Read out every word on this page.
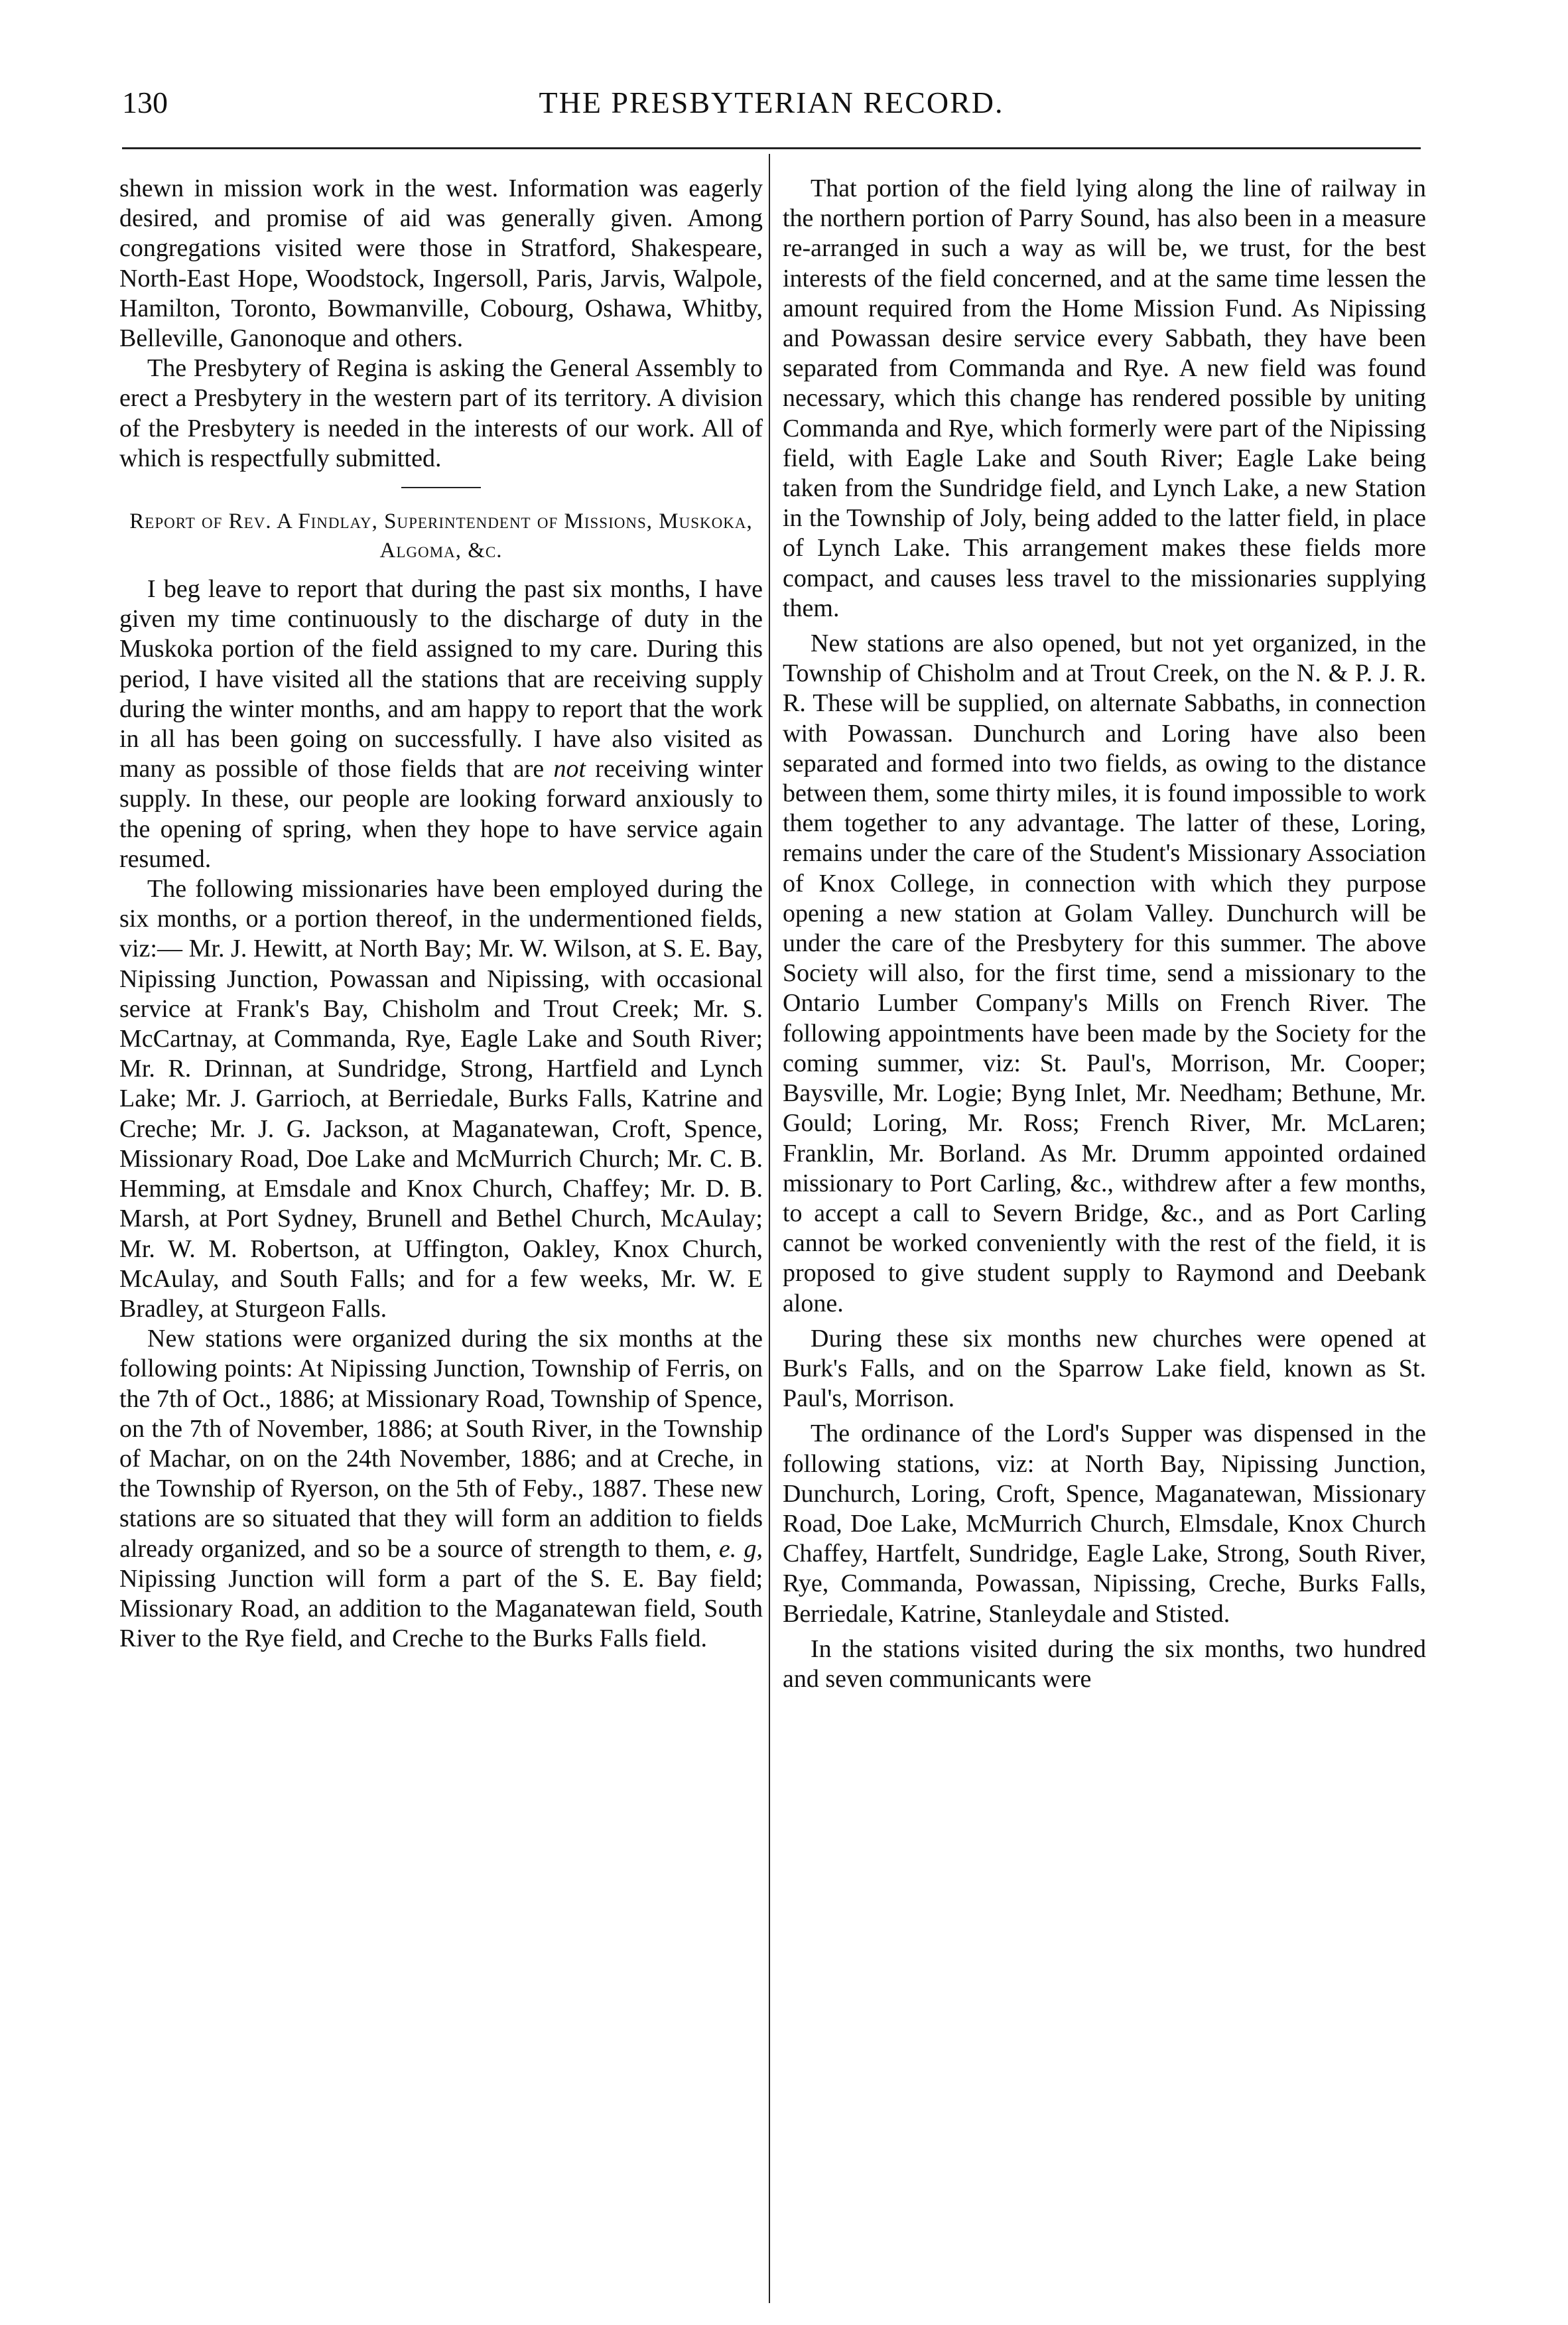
130	THE PRESBYTERIAN RECORD.

shewn in mission work in the west. Information was eagerly desired, and promise of aid was generally given. Among congregations visited were those in Stratford, Shakespeare, North-East Hope, Woodstock, Ingersoll, Paris, Jarvis, Walpole, Hamilton, Toronto, Bowmanville, Cobourg, Oshawa, Whitby, Belleville, Ganonoque and others.

The Presbytery of Regina is asking the General Assembly to erect a Presbytery in the western part of its territory. A division of the Presbytery is needed in the interests of our work. All of which is respectfully submitted.

Report of Rev. A Findlay, Superintendent of Missions, Muskoka, Algoma, &c.

I beg leave to report that during the past six months, I have given my time continuously to the discharge of duty in the Muskoka portion of the field assigned to my care. During this period, I have visited all the stations that are receiving supply during the winter months, and am happy to report that the work in all has been going on successfully. I have also visited as many as possible of those fields that are not receiving winter supply. In these, our people are looking forward anxiously to the opening of spring, when they hope to have service again resumed.

The following missionaries have been employed during the six months, or a portion thereof, in the undermentioned fields, viz:— Mr. J. Hewitt, at North Bay; Mr. W. Wilson, at S. E. Bay, Nipissing Junction, Powassan and Nipissing, with occasional service at Frank's Bay, Chisholm and Trout Creek; Mr. S. McCartnay, at Commanda, Rye, Eagle Lake and South River; Mr. R. Drinnan, at Sundridge, Strong, Hartfield and Lynch Lake; Mr. J. Garrioch, at Berriedale, Burks Falls, Katrine and Creche; Mr. J. G. Jackson, at Maganatewan, Croft, Spence, Missionary Road, Doe Lake and McMurrich Church; Mr. C. B. Hemming, at Emsdale and Knox Church, Chaffey; Mr. D. B. Marsh, at Port Sydney, Brunell and Bethel Church, McAulay; Mr. W. M. Robertson, at Uffington, Oakley, Knox Church, McAulay, and South Falls; and for a few weeks, Mr. W. E Bradley, at Sturgeon Falls.

New stations were organized during the six months at the following points: At Nipissing Junction, Township of Ferris, on the 7th of Oct., 1886; at Missionary Road, Township of Spence, on the 7th of November, 1886; at South River, in the Township of Machar, on on the 24th November, 1886; and at Creche, in the Township of Ryerson, on the 5th of Feby., 1887. These new stations are so situated that they will form an addition to fields already organized, and so be a source of strength to them, e. g, Nipissing Junction will form a part of the S. E. Bay field; Missionary Road, an addition to the Maganatewan field, South River to the Rye field, and Creche to the Burks Falls field.

That portion of the field lying along the line of railway in the northern portion of Parry Sound, has also been in a measure re-arranged in such a way as will be, we trust, for the best interests of the field concerned, and at the same time lessen the amount required from the Home Mission Fund. As Nipissing and Powassan desire service every Sabbath, they have been separated from Commanda and Rye. A new field was found necessary, which this change has rendered possible by uniting Commanda and Rye, which formerly were part of the Nipissing field, with Eagle Lake and South River; Eagle Lake being taken from the Sundridge field, and Lynch Lake, a new Station in the Township of Joly, being added to the latter field, in place of Lynch Lake. This arrangement makes these fields more compact, and causes less travel to the missionaries supplying them.

New stations are also opened, but not yet organized, in the Township of Chisholm and at Trout Creek, on the N. & P. J. R. R. These will be supplied, on alternate Sabbaths, in connection with Powassan. Dunchurch and Loring have also been separated and formed into two fields, as owing to the distance between them, some thirty miles, it is found impossible to work them together to any advantage. The latter of these, Loring, remains under the care of the Student's Missionary Association of Knox College, in connection with which they purpose opening a new station at Golam Valley. Dunchurch will be under the care of the Presbytery for this summer. The above Society will also, for the first time, send a missionary to the Ontario Lumber Company's Mills on French River. The following appointments have been made by the Society for the coming summer, viz: St. Paul's, Morrison, Mr. Cooper; Baysville, Mr. Logie; Byng Inlet, Mr. Needham; Bethune, Mr. Gould; Loring, Mr. Ross; French River, Mr. McLaren; Franklin, Mr. Borland. As Mr. Drumm appointed ordained missionary to Port Carling, &c., withdrew after a few months, to accept a call to Severn Bridge, &c., and as Port Carling cannot be worked conveniently with the rest of the field, it is proposed to give student supply to Raymond and Deebank alone.

During these six months new churches were opened at Burk's Falls, and on the Sparrow Lake field, known as St. Paul's, Morrison.

The ordinance of the Lord's Supper was dispensed in the following stations, viz: at North Bay, Nipissing Junction, Dunchurch, Loring, Croft, Spence, Maganatewan, Missionary Road, Doe Lake, McMurrich Church, Elmsdale, Knox Church Chaffey, Hartfelt, Sundridge, Eagle Lake, Strong, South River, Rye, Commanda, Powassan, Nipissing, Creche, Burks Falls, Berriedale, Katrine, Stanleydale and Stisted.

In the stations visited during the six months, two hundred and seven communicants were
